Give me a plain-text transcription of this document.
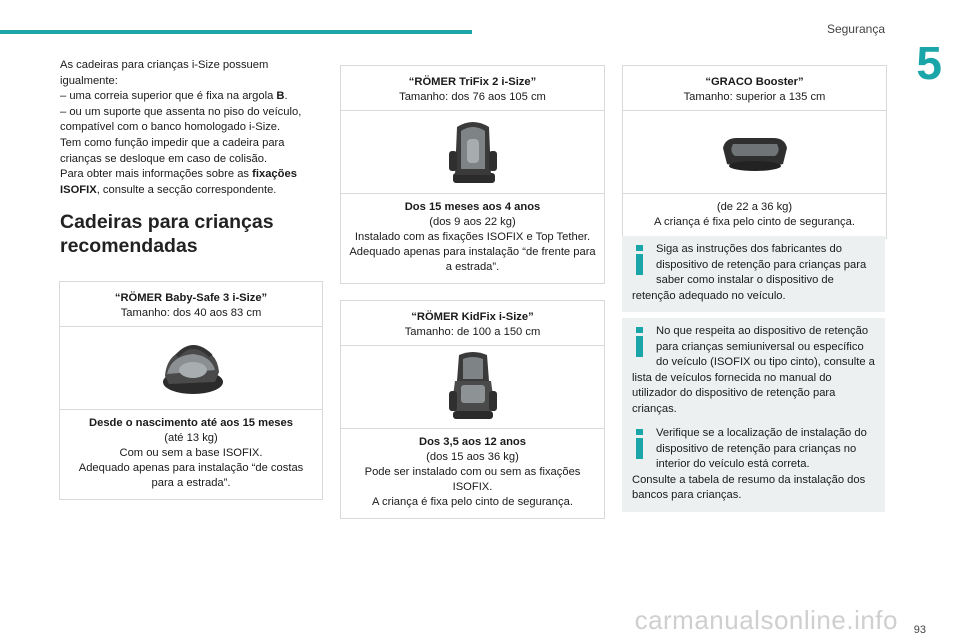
Segurança
5

As cadeiras para crianças i-Size possuem igualmente:

– uma correia superior que é fixa na argola B.

– ou um suporte que assenta no piso do veículo, compatível com o banco homologado i-Size.

Tem como função impedir que a cadeira para crianças se desloque em caso de colisão.

Para obter mais informações sobre as fixações ISOFIX, consulte a secção correspondente.

Cadeiras para crianças recomendadas
“RÖMER Baby-Safe 3 i-Size”
Tamanho: dos 40 aos 83 cm
Desde o nascimento até aos 15 meses
(até 13 kg)
Com ou sem a base ISOFIX.
Adequado apenas para instalação “de costas para a estrada”.
“RÖMER TriFix 2 i-Size”
Tamanho: dos 76 aos 105 cm
Dos 15 meses aos 4 anos
(dos 9 aos 22 kg)
Instalado com as fixações ISOFIX e Top Tether.
Adequado apenas para instalação “de frente para a estrada”.
“RÖMER KidFix i-Size”
Tamanho: de 100 a 150 cm
Dos 3,5 aos 12 anos
(dos 15 aos 36 kg)
Pode ser instalado com ou sem as fixações ISOFIX.
A criança é fixa pelo cinto de segurança.
“GRACO Booster”
Tamanho: superior a 135 cm
(de 22 a 36 kg)
A criança é fixa pelo cinto de segurança.

Siga as instruções dos fabricantes do dispositivo de retenção para crianças para saber como instalar o dispositivo de retenção adequado no veículo.

No que respeita ao dispositivo de retenção para crianças semiuniversal ou específico do veículo (ISOFIX ou tipo cinto), consulte a lista de veículos fornecida no manual do utilizador do dispositivo de retenção para crianças.

Verifique se a localização de instalação do dispositivo de retenção para crianças no interior do veículo está correta.

Consulte a tabela de resumo da instalação dos bancos para crianças.

carmanualsonline.info 93
